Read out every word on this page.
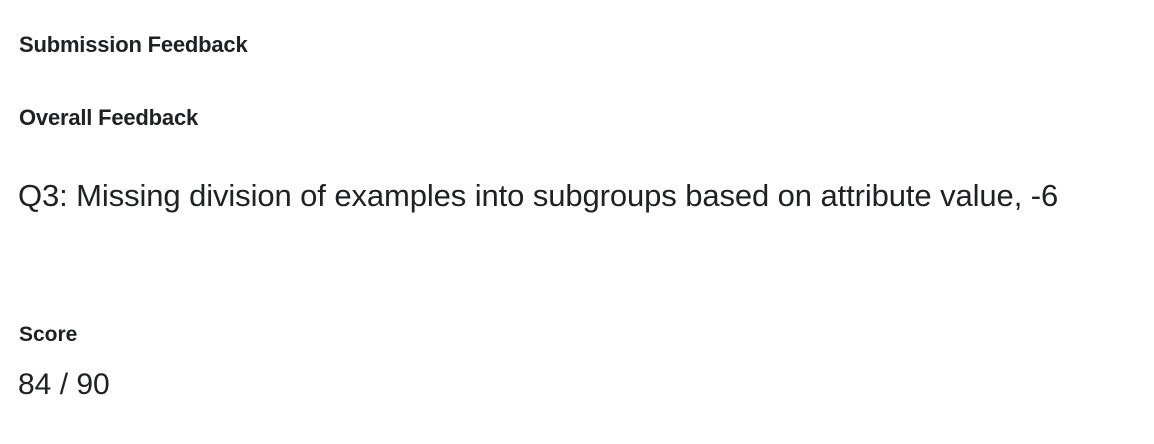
Submission Feedback
Overall Feedback

Q3: Missing division of examples into subgroups based on attribute value, -6

Score

84 / 90
